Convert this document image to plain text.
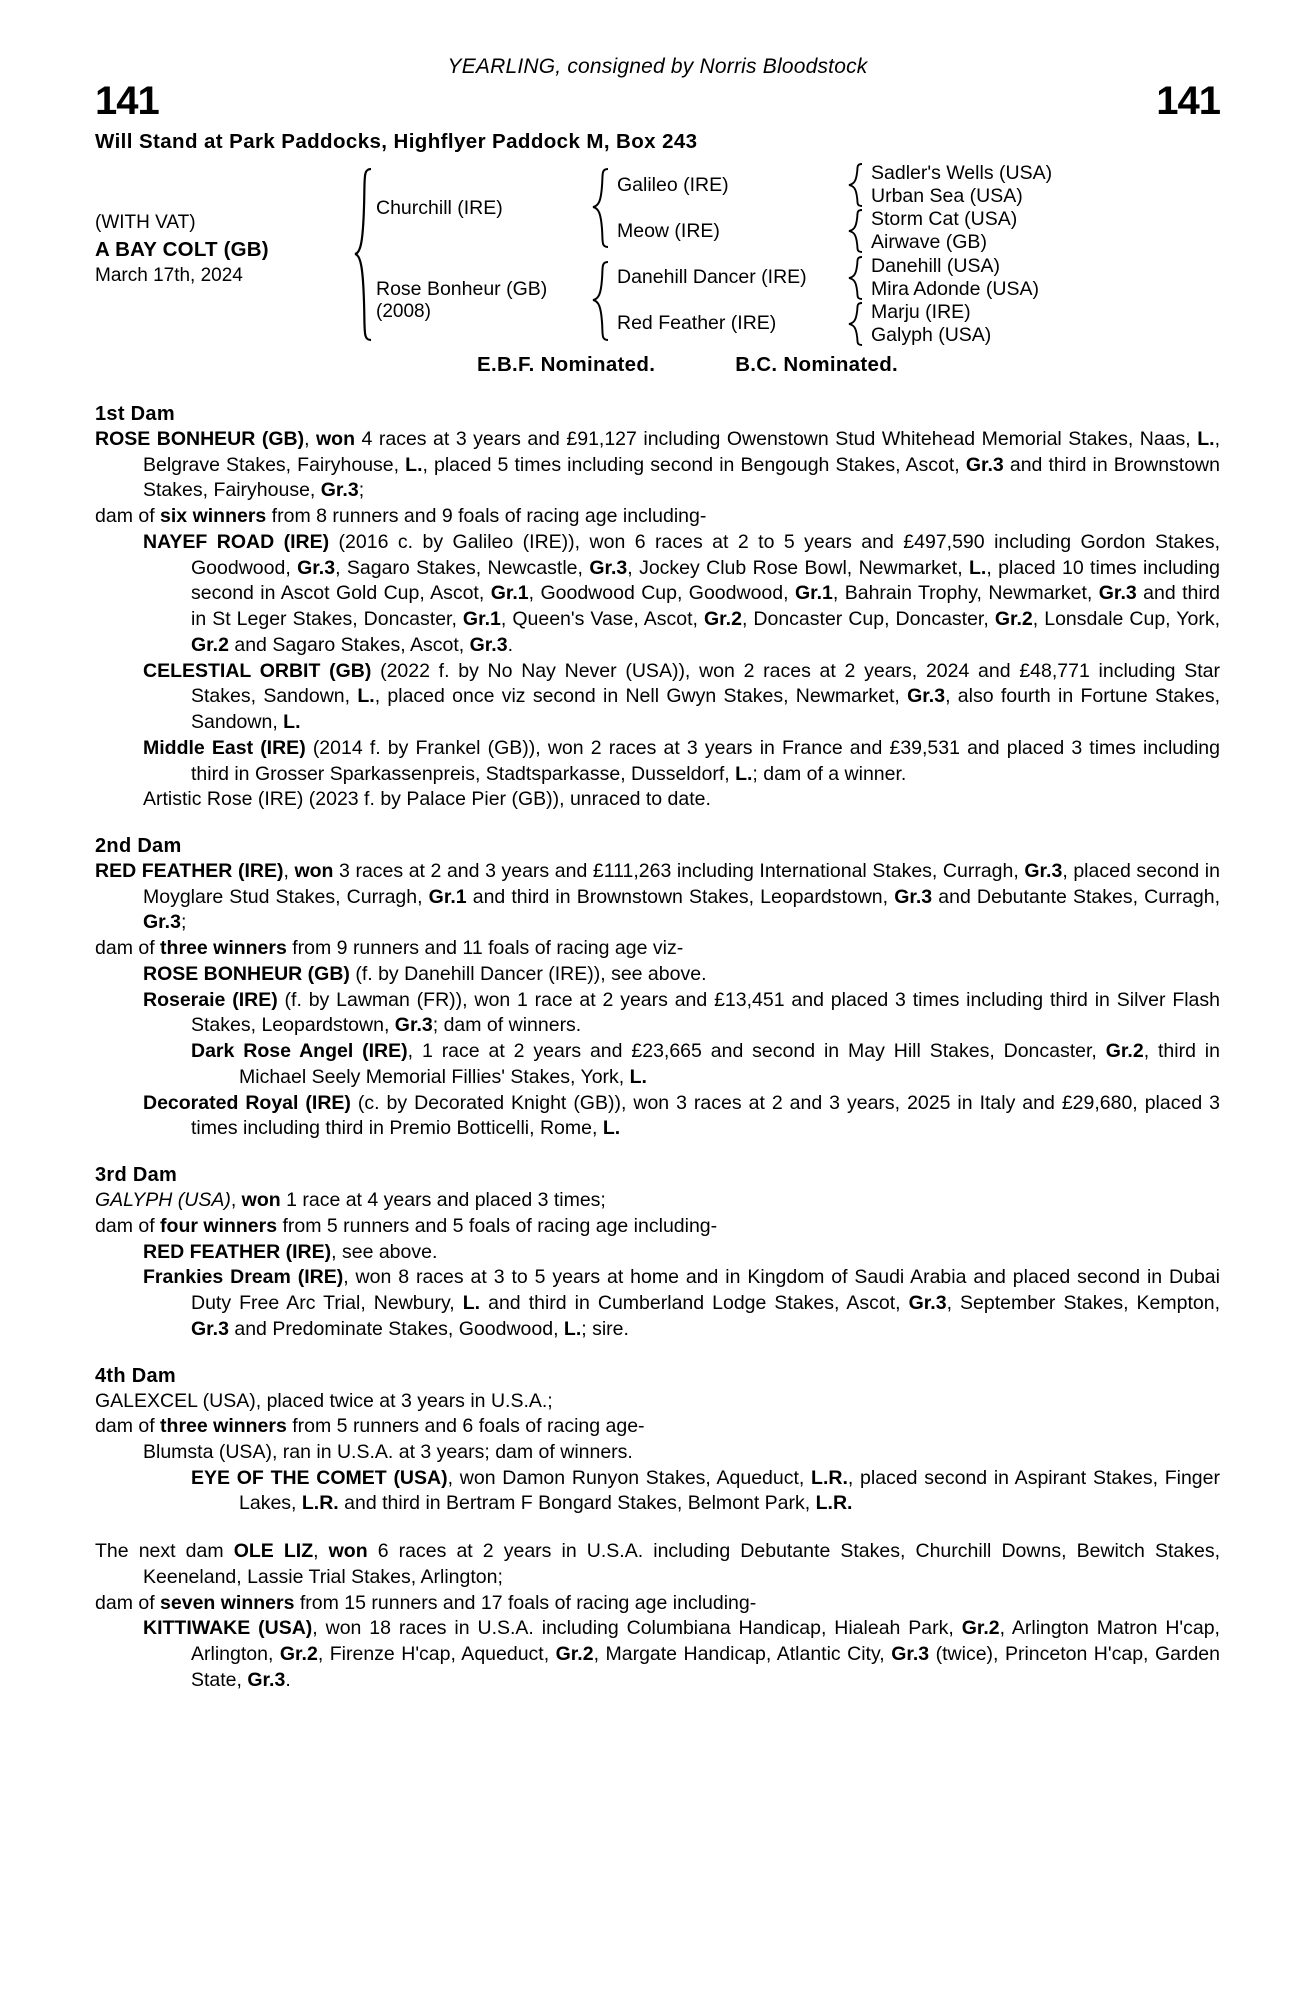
YEARLING, consigned by Norris Bloodstock
141	141
Will Stand at Park Paddocks, Highflyer Paddock M, Box 243
(WITH VAT)
A BAY COLT (GB)
March 17th, 2024
Churchill (IRE)
Rose Bonheur (GB)
(2008)
Galileo (IRE)
Meow (IRE)
Danehill Dancer (IRE)
Red Feather (IRE)
Sadler's Wells (USA)
Urban Sea (USA)
Storm Cat (USA)
Airwave (GB)
Danehill (USA)
Mira Adonde (USA)
Marju (IRE)
Galyph (USA)
E.B.F. Nominated.	B.C. Nominated.
1st Dam

ROSE BONHEUR (GB), won 4 races at 3 years and £91,127 including Owenstown Stud Whitehead Memorial Stakes, Naas, L., Belgrave Stakes, Fairyhouse, L., placed 5 times including second in Bengough Stakes, Ascot, Gr.3 and third in Brownstown Stakes, Fairyhouse, Gr.3;

dam of six winners from 8 runners and 9 foals of racing age including-

NAYEF ROAD (IRE) (2016 c. by Galileo (IRE)), won 6 races at 2 to 5 years and £497,590 including Gordon Stakes, Goodwood, Gr.3, Sagaro Stakes, Newcastle, Gr.3, Jockey Club Rose Bowl, Newmarket, L., placed 10 times including second in Ascot Gold Cup, Ascot, Gr.1, Goodwood Cup, Goodwood, Gr.1, Bahrain Trophy, Newmarket, Gr.3 and third in St Leger Stakes, Doncaster, Gr.1, Queen's Vase, Ascot, Gr.2, Doncaster Cup, Doncaster, Gr.2, Lonsdale Cup, York, Gr.2 and Sagaro Stakes, Ascot, Gr.3.

CELESTIAL ORBIT (GB) (2022 f. by No Nay Never (USA)), won 2 races at 2 years, 2024 and £48,771 including Star Stakes, Sandown, L., placed once viz second in Nell Gwyn Stakes, Newmarket, Gr.3, also fourth in Fortune Stakes, Sandown, L.

Middle East (IRE) (2014 f. by Frankel (GB)), won 2 races at 3 years in France and £39,531 and placed 3 times including third in Grosser Sparkassenpreis, Stadtsparkasse, Dusseldorf, L.; dam of a winner.

Artistic Rose (IRE) (2023 f. by Palace Pier (GB)), unraced to date.

2nd Dam

RED FEATHER (IRE), won 3 races at 2 and 3 years and £111,263 including International Stakes, Curragh, Gr.3, placed second in Moyglare Stud Stakes, Curragh, Gr.1 and third in Brownstown Stakes, Leopardstown, Gr.3 and Debutante Stakes, Curragh, Gr.3;

dam of three winners from 9 runners and 11 foals of racing age viz-

ROSE BONHEUR (GB) (f. by Danehill Dancer (IRE)), see above.

Roseraie (IRE) (f. by Lawman (FR)), won 1 race at 2 years and £13,451 and placed 3 times including third in Silver Flash Stakes, Leopardstown, Gr.3; dam of winners.

Dark Rose Angel (IRE), 1 race at 2 years and £23,665 and second in May Hill Stakes, Doncaster, Gr.2, third in Michael Seely Memorial Fillies' Stakes, York, L.

Decorated Royal (IRE) (c. by Decorated Knight (GB)), won 3 races at 2 and 3 years, 2025 in Italy and £29,680, placed 3 times including third in Premio Botticelli, Rome, L.

3rd Dam

GALYPH (USA), won 1 race at 4 years and placed 3 times;

dam of four winners from 5 runners and 5 foals of racing age including-

RED FEATHER (IRE), see above.

Frankies Dream (IRE), won 8 races at 3 to 5 years at home and in Kingdom of Saudi Arabia and placed second in Dubai Duty Free Arc Trial, Newbury, L. and third in Cumberland Lodge Stakes, Ascot, Gr.3, September Stakes, Kempton, Gr.3 and Predominate Stakes, Goodwood, L.; sire.

4th Dam

GALEXCEL (USA), placed twice at 3 years in U.S.A.;

dam of three winners from 5 runners and 6 foals of racing age-

Blumsta (USA), ran in U.S.A. at 3 years; dam of winners.

EYE OF THE COMET (USA), won Damon Runyon Stakes, Aqueduct, L.R., placed second in Aspirant Stakes, Finger Lakes, L.R. and third in Bertram F Bongard Stakes, Belmont Park, L.R.

The next dam OLE LIZ, won 6 races at 2 years in U.S.A. including Debutante Stakes, Churchill Downs, Bewitch Stakes, Keeneland, Lassie Trial Stakes, Arlington;

dam of seven winners from 15 runners and 17 foals of racing age including-

KITTIWAKE (USA), won 18 races in U.S.A. including Columbiana Handicap, Hialeah Park, Gr.2, Arlington Matron H'cap, Arlington, Gr.2, Firenze H'cap, Aqueduct, Gr.2, Margate Handicap, Atlantic City, Gr.3 (twice), Princeton H'cap, Garden State, Gr.3.
